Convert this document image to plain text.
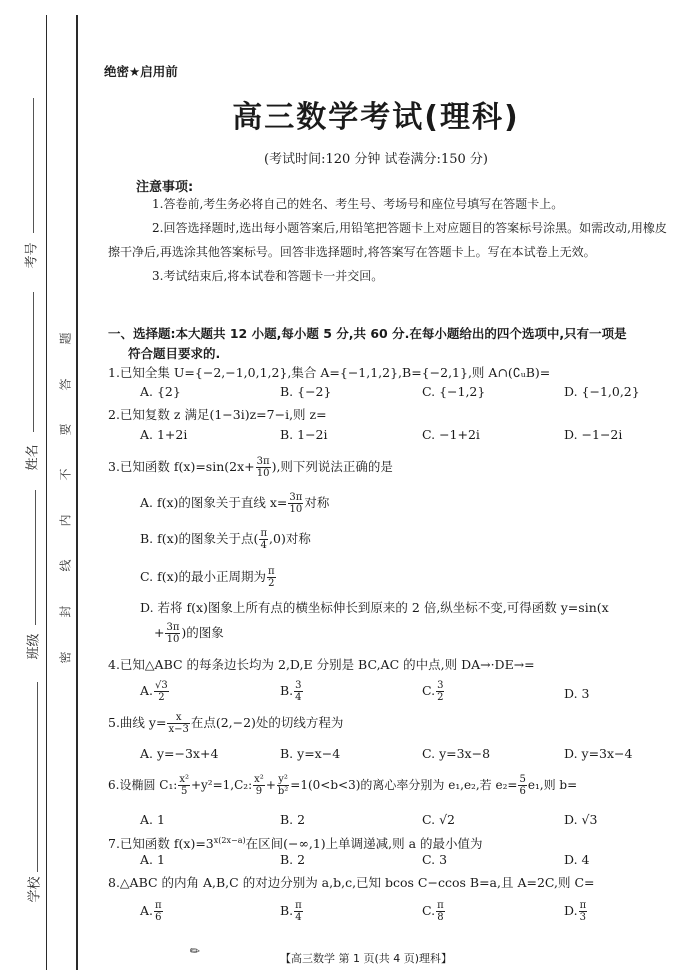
考号
姓名
班级
学校
题
答
要
不
内
线
封
密
绝密★启用前
高三数学考试(理科)
(考试时间:120 分钟 试卷满分:150 分)
注意事项:

1.答卷前,考生务必将自己的姓名、考生号、考场号和座位号填写在答题卡上。

2.回答选择题时,选出每小题答案后,用铅笔把答题卡上对应题目的答案标号涂黑。如需改动,用橡皮擦干净后,再选涂其他答案标号。回答非选择题时,将答案写在答题卡上。写在本试卷上无效。

3.考试结束后,将本试卷和答题卡一并交回。

一、选择题:本大题共 12 小题,每小题 5 分,共 60 分.在每小题给出的四个选项中,只有一项是
符合题目要求的.
1.已知全集 U={−2,−1,0,1,2},集合 A={−1,1,2},B={−2,1},则 A∩(∁ᵤB)=
A. {2}	B. {−2}	C. {−1,2}	D. {−1,0,2}
2.已知复数 z 满足(1−3i)z=7−i,则 z=
A. 1+2i	B. 1−2i	C. −1+2i	D. −1−2i
3.已知函数 $f(x)=\sin(2x+ \frac{3\pi}{10}$ ),则下列说法正确的是
A. f(x)的图象关于直线 $x= \frac{3\pi}{10}$ 对称
B. f(x)的图象关于点( $\frac{\pi}{4} ,0$)对称
C. f(x)的最小正周期为 $\frac{\pi}{2}$
D. 若将 f(x)图象上所有点的横坐标伸长到原来的 2 倍,纵坐标不变,可得函数 y=sin(x
+ $\frac{3\pi}{10}$ )的图象
4.已知△ABC 的每条边长均为 2,D,E 分别是 BC,AC 的中点,则 DA→·DE→=
A. $\frac{√3}{2}$	B. $\frac{3}{4}$	C. $\frac{3}{2}$	D. 3
5.曲线 $y= \frac{x}{x-3}$ 在点(2,−2)处的切线方程为
A. y=−3x+4	B. y=x−4	C. y=3x−8	D. y=3x−4
6.设椭圆 C₁: $\frac{\text{x²}}{5} +y^2=1,C_2$: $\frac{\text{x²}}{9} + \frac{\text{y²}}{\text{b²}} =1(0<b<3)$的离心率分别为 e₁,e₂,若 $e_2= \frac{5}{6} e_1$,则 b=
A. 1	B. 2	C. √2	D. √3
7.已知函数 $f(x)=3^{x(2x-a)}$在区间(−∞,1)上单调递减,则 a 的最小值为
A. 1	B. 2	C. 3	D. 4
8.△ABC 的内角 A,B,C 的对边分别为 a,b,c,已知 bcos C−ccos B=a,且 A=2C,则 C=
A. $\frac{\pi}{6}$	B. $\frac{\pi}{4}$	C. $\frac{\pi}{8}$	D. $\frac{\pi}{3}$
✎	【高三数学 第 1 页(共 4 页)理科】
